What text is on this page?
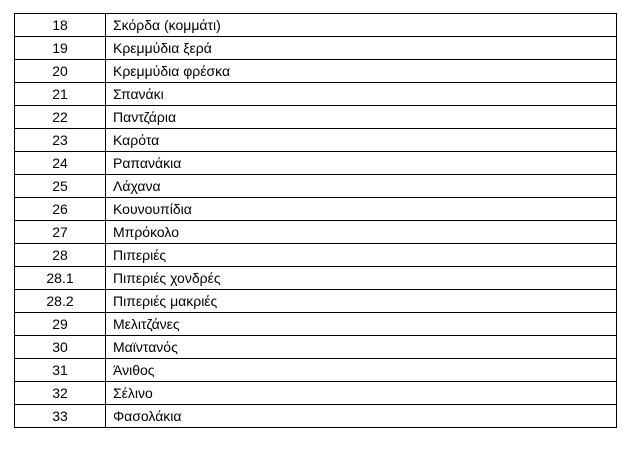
18	Σκόρδα (κομμάτι)
19	Κρεμμύδια ξερά
20	Κρεμμύδια φρέσκα
21	Σπανάκι
22	Παντζάρια
23	Καρότα
24	Ραπανάκια
25	Λάχανα
26	Κουνουπίδια
27	Μπρόκολο
28	Πιπεριές
28.1	Πιπεριές χονδρές
28.2	Πιπεριές μακριές
29	Μελιτζάνες
30	Μαϊντανός
31	Άνιθος
32	Σέλινο
33	Φασολάκια
